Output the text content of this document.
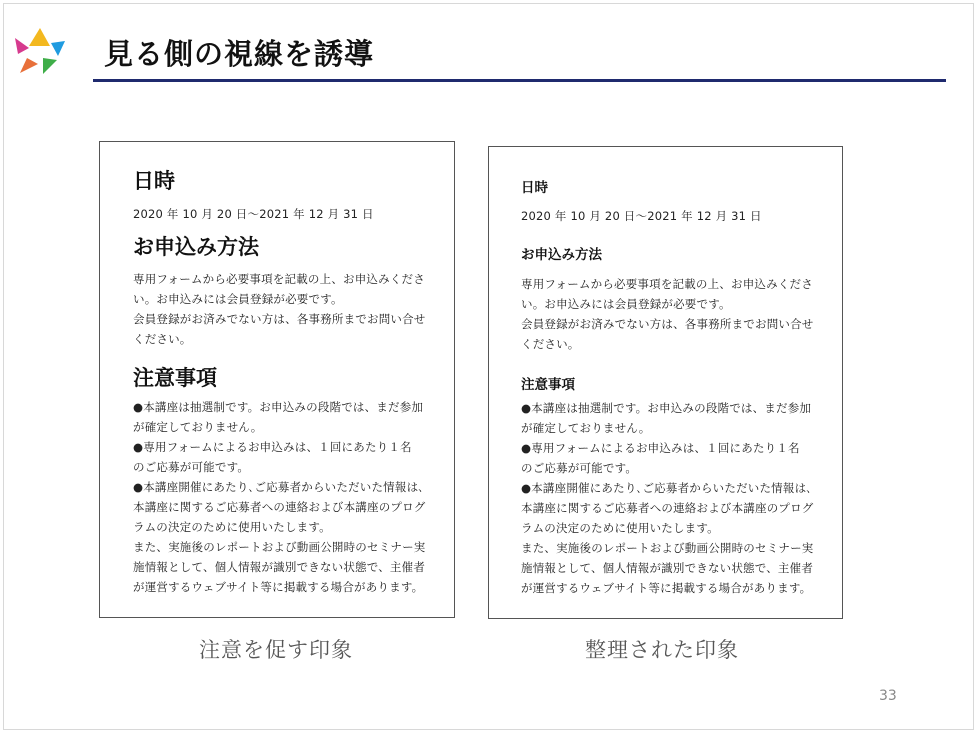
見る側の視線を誘導

日時

2020 年 10 月 20 日〜2021 年 12 月 31 日

お申込み方法

専用フォームから必要事項を記載の上、お申込みくださ

い。お申込みには会員登録が必要です。

会員登録がお済みでない方は、各事務所までお問い合せ

ください。

注意事項

●本講座は抽選制です。お申込みの段階では、まだ参加

が確定しておりません。

●専用フォームによるお申込みは、１回にあたり１名

のご応募が可能です。

●本講座開催にあたり､ご応募者からいただいた情報は､

本講座に関するご応募者への連絡および本講座のプログ

ラムの決定のために使用いたします。

また、実施後のレポートおよび動画公開時のセミナー実

施情報として、個人情報が識別できない状態で、主催者

が運営するウェブサイト等に掲載する場合があります。

日時

2020 年 10 月 20 日〜2021 年 12 月 31 日

お申込み方法

専用フォームから必要事項を記載の上、お申込みくださ

い。お申込みには会員登録が必要です。

会員登録がお済みでない方は、各事務所までお問い合せ

ください。

注意事項

●本講座は抽選制です。お申込みの段階では、まだ参加

が確定しておりません。

●専用フォームによるお申込みは、１回にあたり１名

のご応募が可能です。

●本講座開催にあたり､ご応募者からいただいた情報は､

本講座に関するご応募者への連絡および本講座のプログ

ラムの決定のために使用いたします。

また、実施後のレポートおよび動画公開時のセミナー実

施情報として、個人情報が識別できない状態で、主催者

が運営するウェブサイト等に掲載する場合があります。

注意を促す印象	整理された印象
33
